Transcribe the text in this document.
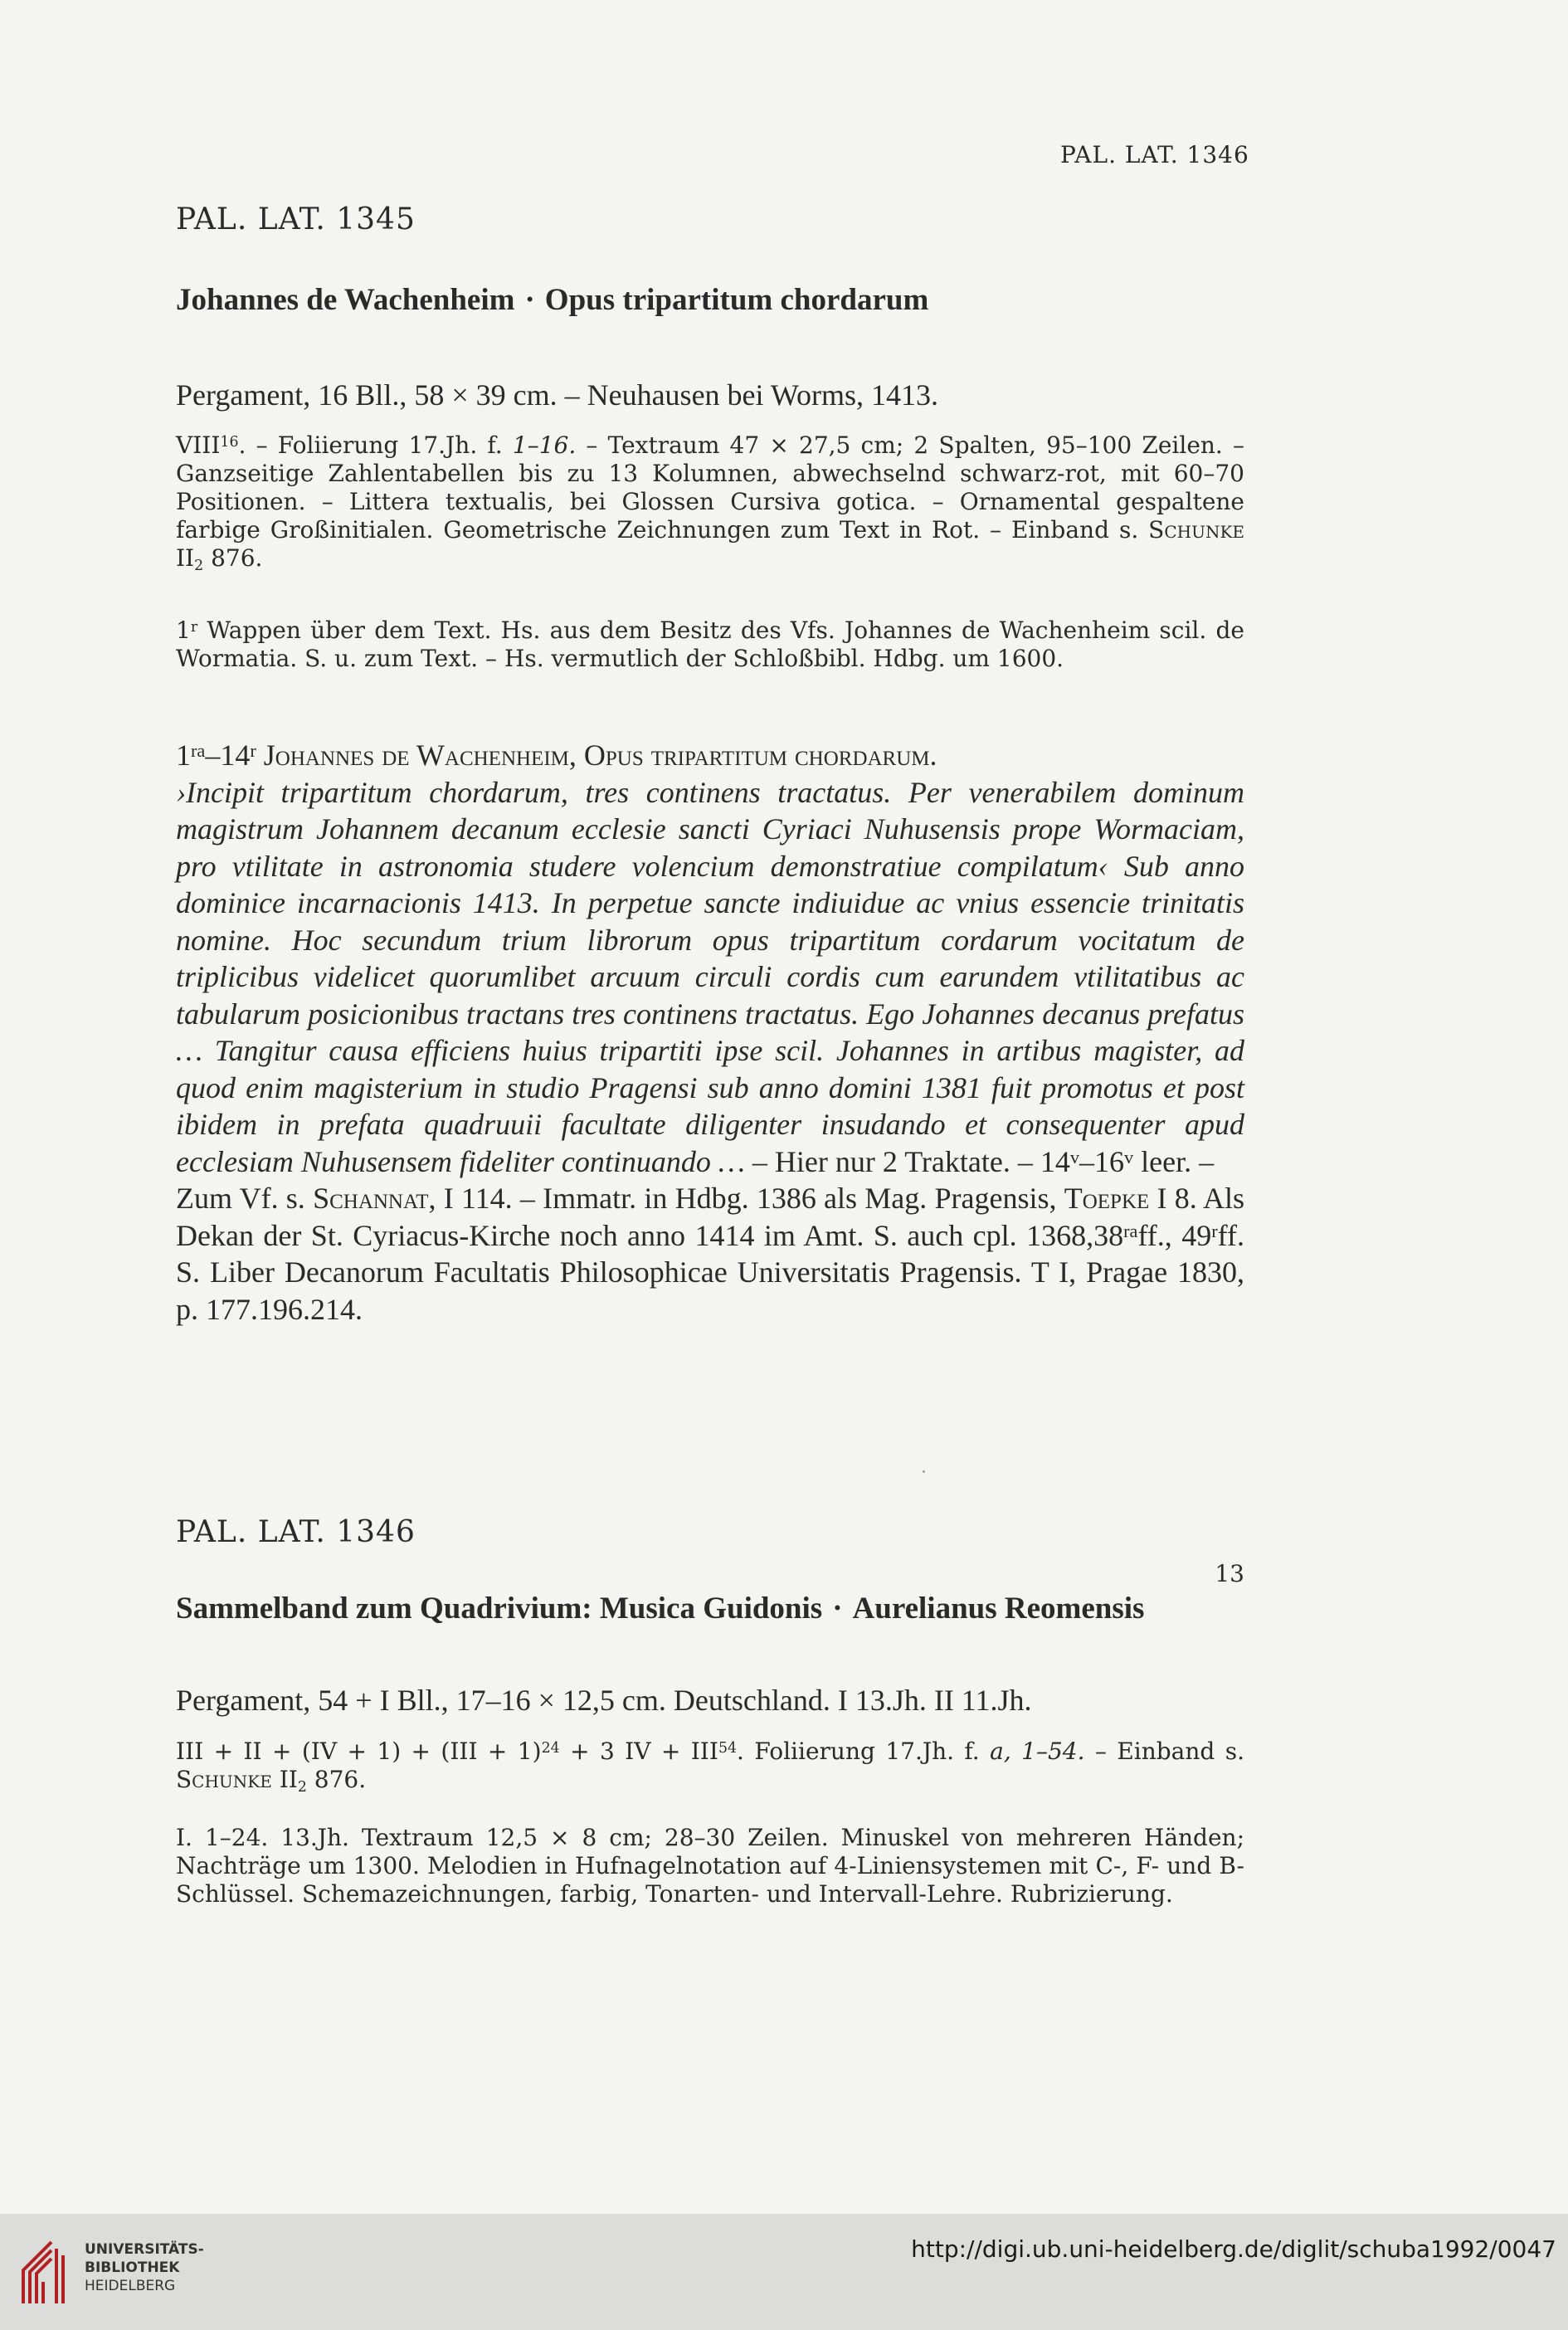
PAL. LAT. 1346
PAL. LAT. 1345
Johannes de Wachenheim · Opus tripartitum chordarum
Pergament, 16 Bll., 58 × 39 cm. – Neuhausen bei Worms, 1413.
VIII$^{16}$. – Foliierung 17.Jh. f. 1–16. – Textraum 47 × 27,5 cm; 2 Spalten, 95–100 Zeilen. – Ganzseitige Zahlentabellen bis zu 13 Kolumnen, abwechselnd schwarz-rot, mit 60–70 Positionen. – Littera textualis, bei Glossen Cursiva gotica. – Ornamental gespaltene farbige Großinitialen. Geometrische Zeichnungen zum Text in Rot. – Einband s. Schunke $II_2$ 876.
1$^r$ Wappen über dem Text. Hs. aus dem Besitz des Vfs. Johannes de Wachenheim scil. de Wormatia. S. u. zum Text. – Hs. vermutlich der Schloßbibl. Hdbg. um 1600.
$1^{ra}-14^r$ Johannes de Wachenheim, Opus tripartitum chordarum.
›Incipit tripartitum chordarum, tres continens tractatus. Per venerabilem dominum magistrum Johannem decanum ecclesie sancti Cyriaci Nuhusensis prope Wormaciam, pro vtilitate in astronomia studere volencium demonstratiue compilatum‹ Sub anno dominice incarnacionis 1413. In perpetue sancte indiuidue ac vnius essencie trinitatis nomine. Hoc secundum trium librorum opus tripartitum cordarum vocitatum de triplicibus videlicet quorumlibet arcuum circuli cordis cum earundem vtilitatibus ac tabularum posicionibus tractans tres continens tractatus. Ego Johannes decanus prefatus … Tangitur causa efficiens huius tripartiti ipse scil. Johannes in artibus magister, ad quod enim magisterium in studio Pragensi sub anno domini 1381 fuit promotus et post ibidem in prefata quadruuii facultate diligenter insudando et consequenter apud ecclesiam Nuhusensem fideliter continuando … – Hier nur 2 Traktate. – 14$^v$–16$^v$ leer. –
Zum Vf. s. Schannat, I 114. – Immatr. in Hdbg. 1386 als Mag. Pragensis, Toepke I 8. Als Dekan der St. Cyriacus-Kirche noch anno 1414 im Amt. S. auch cpl. $1368,38^{ra}ff$., 49$^r$ff. S. Liber Decanorum Facultatis Philosophicae Universitatis Pragensis. T I, Pragae 1830, p. 177.196.214.
PAL. LAT. 1346
Sammelband zum Quadrivium: Musica Guidonis · Aurelianus Reomensis
Pergament, 54 + I Bll., 17–16 × 12,5 cm. Deutschland. I 13.Jh. II 11.Jh.
III + II + (IV + 1) + (III + 1)$^{24}$ + 3 IV + $III^{54}$. Foliierung 17.Jh. f. a, 1–54. – Einband s. Schunke $II_2$ 876.
I. 1–24. 13.Jh. Textraum 12,5 × 8 cm; 28–30 Zeilen. Minuskel von mehreren Händen; Nachträge um 1300. Melodien in Hufnagelnotation auf 4-Liniensystemen mit C-, F- und B-Schlüssel. Schemazeichnungen, farbig, Tonarten- und Intervall-Lehre. Rubrizierung.
13
UNIVERSITÄTS-
BIBLIOTHEK
HEIDELBERG
http://digi.ub.uni-heidelberg.de/diglit/schuba1992/0047
